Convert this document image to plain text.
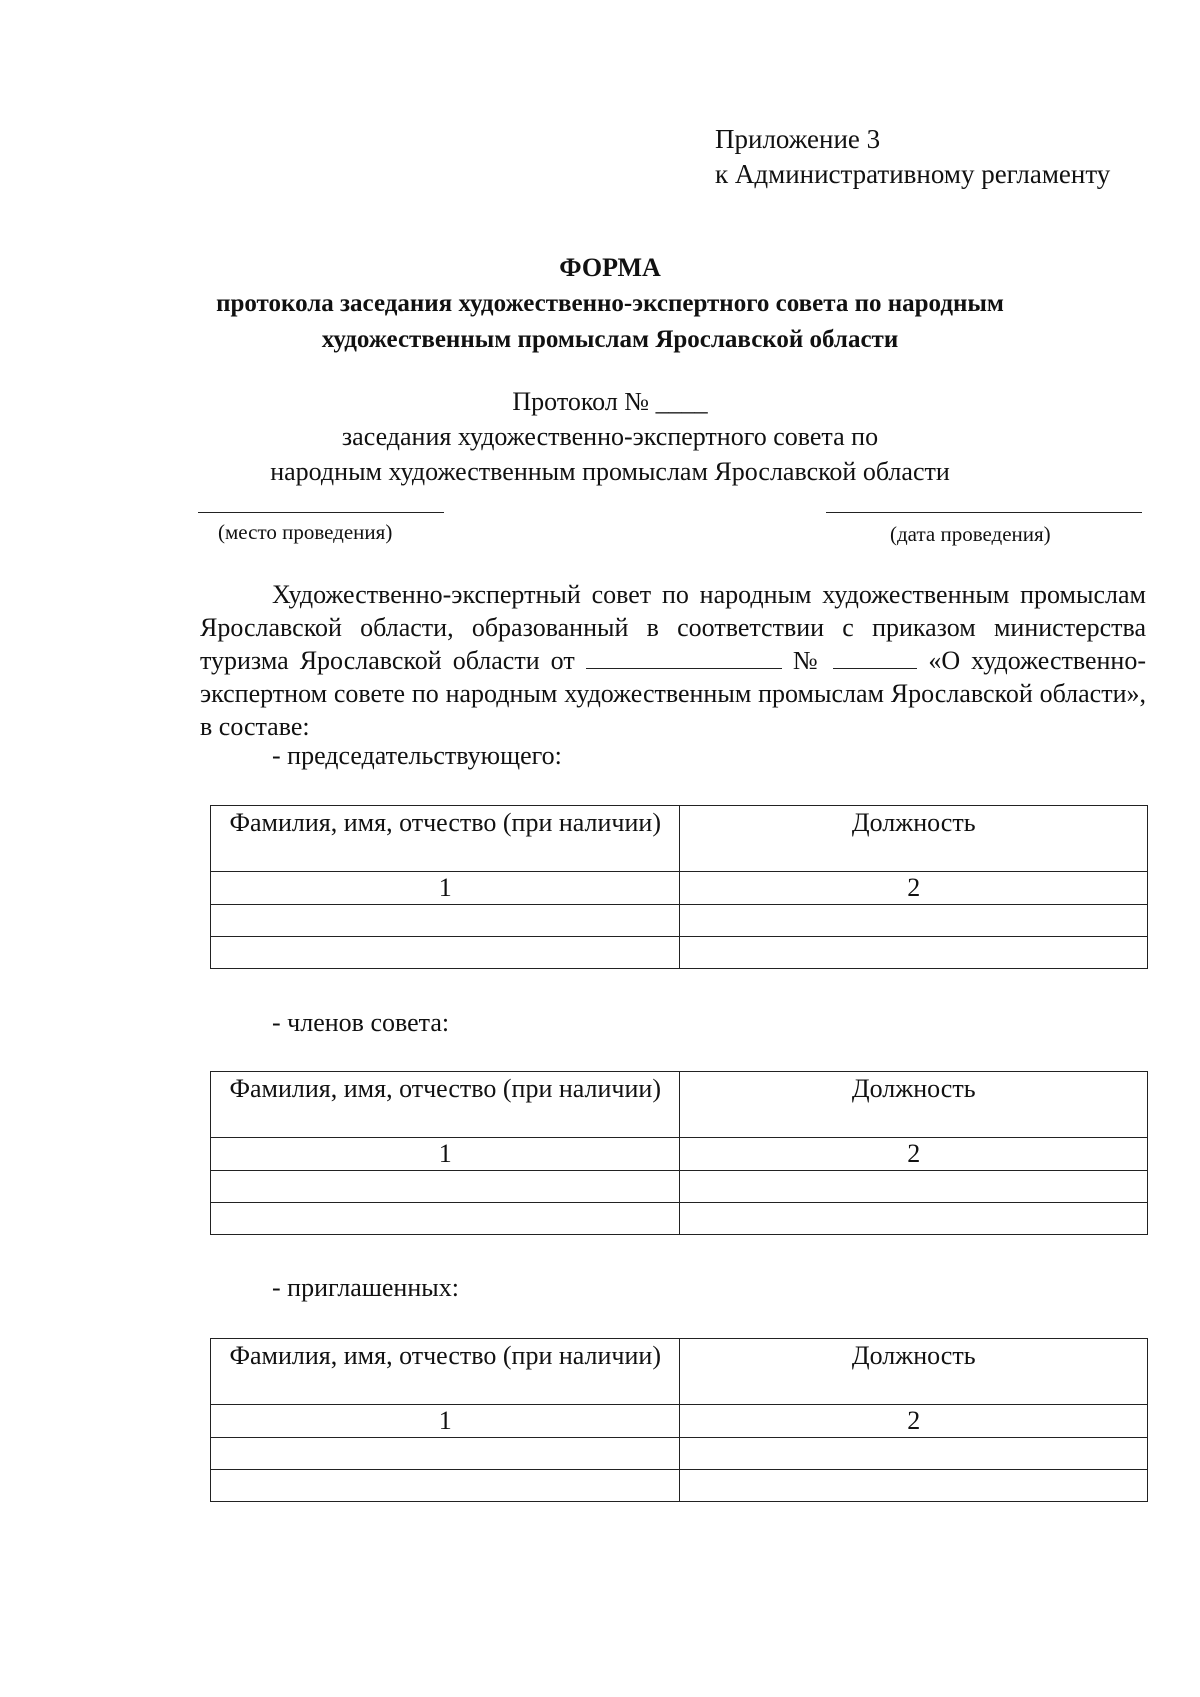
Приложение 3
к Административному регламенту
ФОРМА
протокола заседания художественно-экспертного совета по народным
художественным промыслам Ярославской области
Протокол № ____
заседания художественно-экспертного совета по
народным художественным промыслам Ярославской области
(место проведения)	(дата проведения)
Художественно-экспертный совет по народным художественным промыслам Ярославской области, образованный в соответствии с приказом министерства туризма Ярославской области от	№	«О художественно-экспертном совете по народным художественным промыслам Ярославской области», в составе:
- председательствующего:
Фамилия, имя, отчество (при наличии)	Должность
1	2

- членов совета:
Фамилия, имя, отчество (при наличии)	Должность
1	2

- приглашенных:
Фамилия, имя, отчество (при наличии)	Должность
1	2
